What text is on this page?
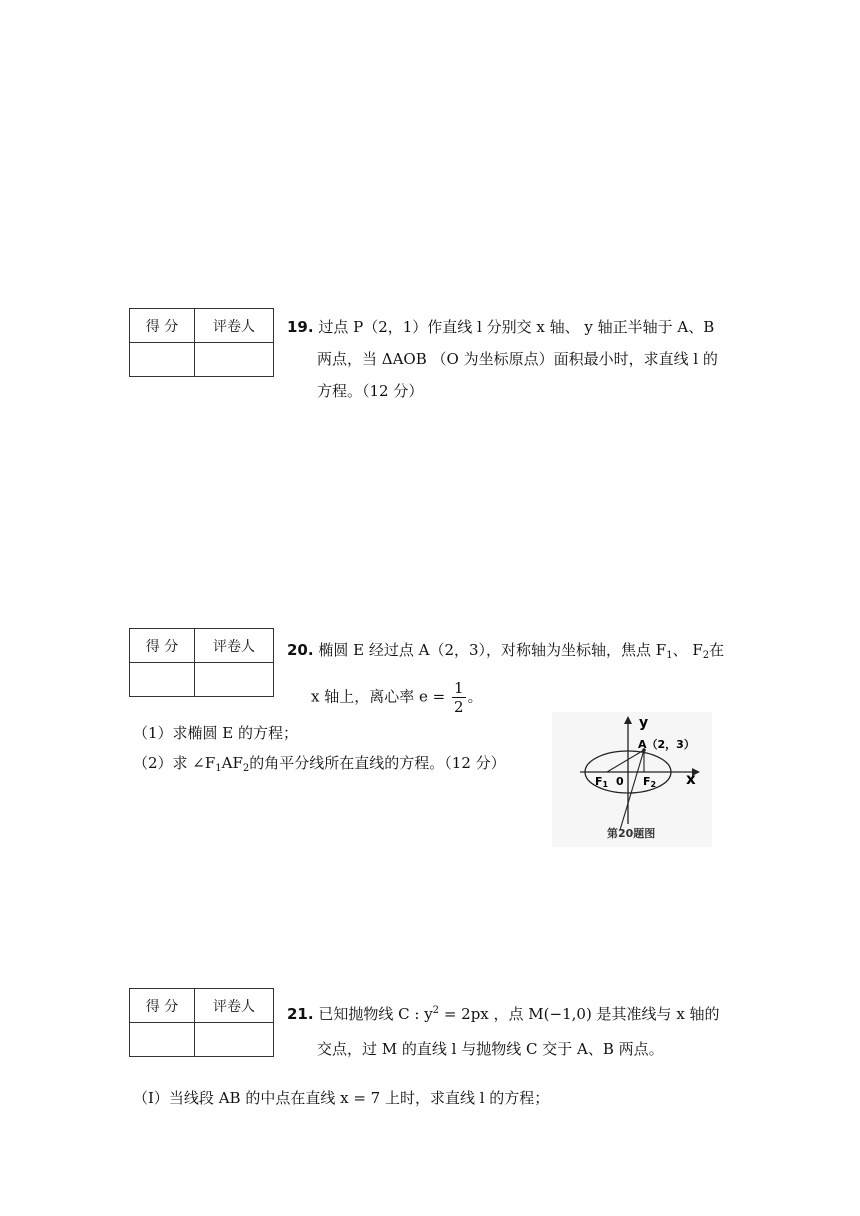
得 分	评卷人
	19. 过点 P（2，1）作直线 l 分别交 x 轴、 y 轴正半轴于 A、B
两点，当 ΔAOB （O 为坐标原点）面积最小时，求直线 l 的
方程。（12 分）
得 分	评卷人
	20. 椭圆 E 经过点 A（2，3），对称轴为坐标轴，焦点 $F_1$、 $F_2$在
x 轴上，离心率 $e = \frac{1}{2}$ 。
（1）求椭圆 E 的方程；
（2）求 $\angle F_1AF_2$的角平分线所在直线的方程。（12 分）
y
x
A（2，3）
F1 0 F2
第20题图
得 分	评卷人
	21. 已知抛物线 C : $y^2 = 2px$ ，点 M(−1,0) 是其准线与 x 轴的
交点，过 M 的直线 l 与抛物线 C 交于 A、B 两点。
（Ⅰ）当线段 AB 的中点在直线 x = 7 上时，求直线 l 的方程；
